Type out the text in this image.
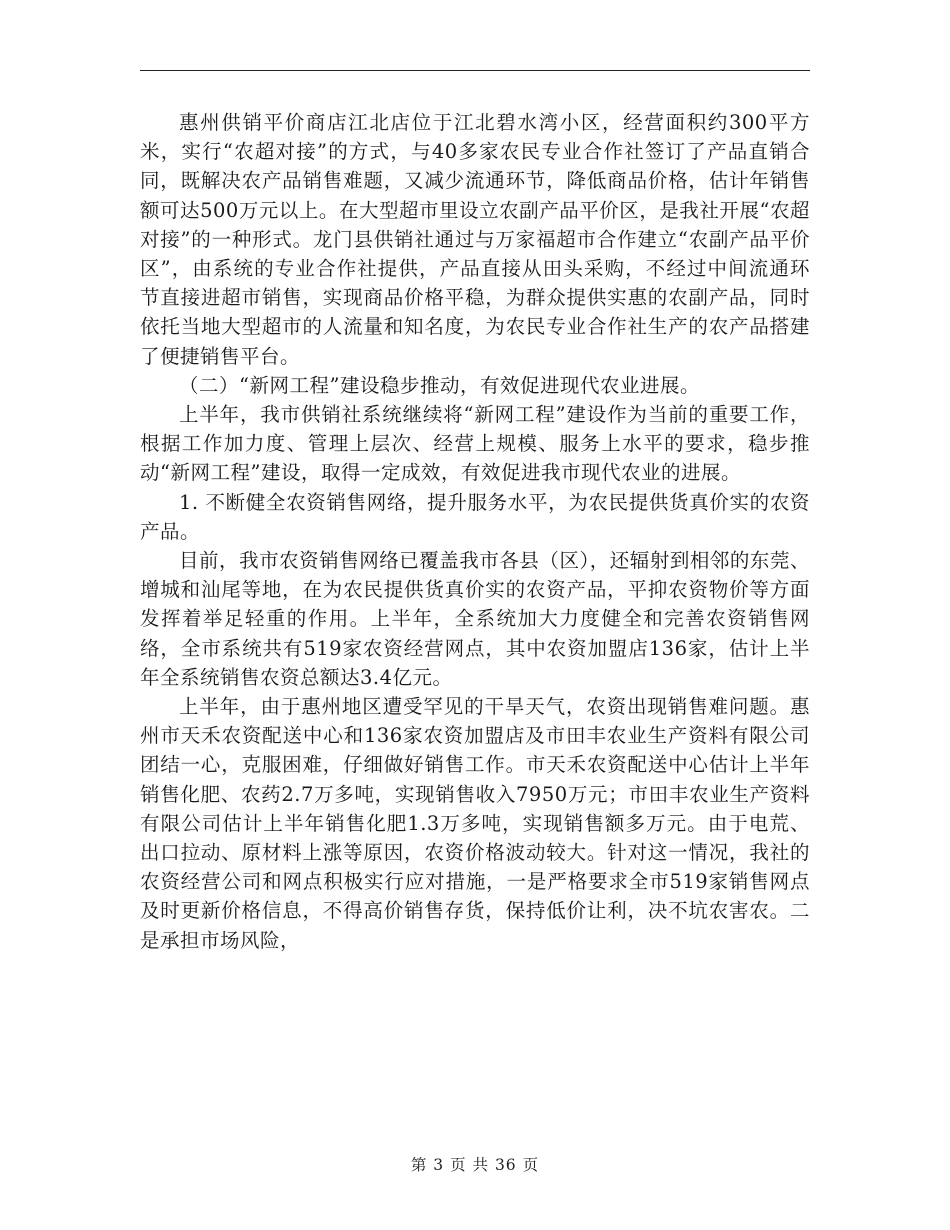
惠州供销平价商店江北店位于江北碧水湾小区，经营面积约300平方米，实行“农超对接”的方式，与40多家农民专业合作社签订了产品直销合同，既解决农产品销售难题，又减少流通环节，降低商品价格，估计年销售额可达500万元以上。在大型超市里设立农副产品平价区，是我社开展“农超对接”的一种形式。龙门县供销社通过与万家福超市合作建立“农副产品平价区”，由系统的专业合作社提供，产品直接从田头采购，不经过中间流通环节直接进超市销售，实现商品价格平稳，为群众提供实惠的农副产品，同时依托当地大型超市的人流量和知名度，为农民专业合作社生产的农产品搭建了便捷销售平台。

（二）“新网工程”建设稳步推动，有效促进现代农业进展。

上半年，我市供销社系统继续将“新网工程”建设作为当前的重要工作，根据工作加力度、管理上层次、经营上规模、服务上水平的要求，稳步推动“新网工程”建设，取得一定成效，有效促进我市现代农业的进展。

1. 不断健全农资销售网络，提升服务水平，为农民提供货真价实的农资产品。

目前，我市农资销售网络已覆盖我市各县（区），还辐射到相邻的东莞、增城和汕尾等地，在为农民提供货真价实的农资产品，平抑农资物价等方面发挥着举足轻重的作用。上半年，全系统加大力度健全和完善农资销售网络，全市系统共有519家农资经营网点，其中农资加盟店136家，估计上半年全系统销售农资总额达3.4亿元。

上半年，由于惠州地区遭受罕见的干旱天气，农资出现销售难问题。惠州市天禾农资配送中心和136家农资加盟店及市田丰农业生产资料有限公司团结一心，克服困难，仔细做好销售工作。市天禾农资配送中心估计上半年销售化肥、农药2.7万多吨，实现销售收入7950万元；市田丰农业生产资料有限公司估计上半年销售化肥1.3万多吨，实现销售额多万元。由于电荒、出口拉动、原材料上涨等原因，农资价格波动较大。针对这一情况，我社的农资经营公司和网点积极实行应对措施，一是严格要求全市519家销售网点及时更新价格信息，不得高价销售存货，保持低价让利，决不坑农害农。二是承担市场风险，

第 3 页 共 36 页
